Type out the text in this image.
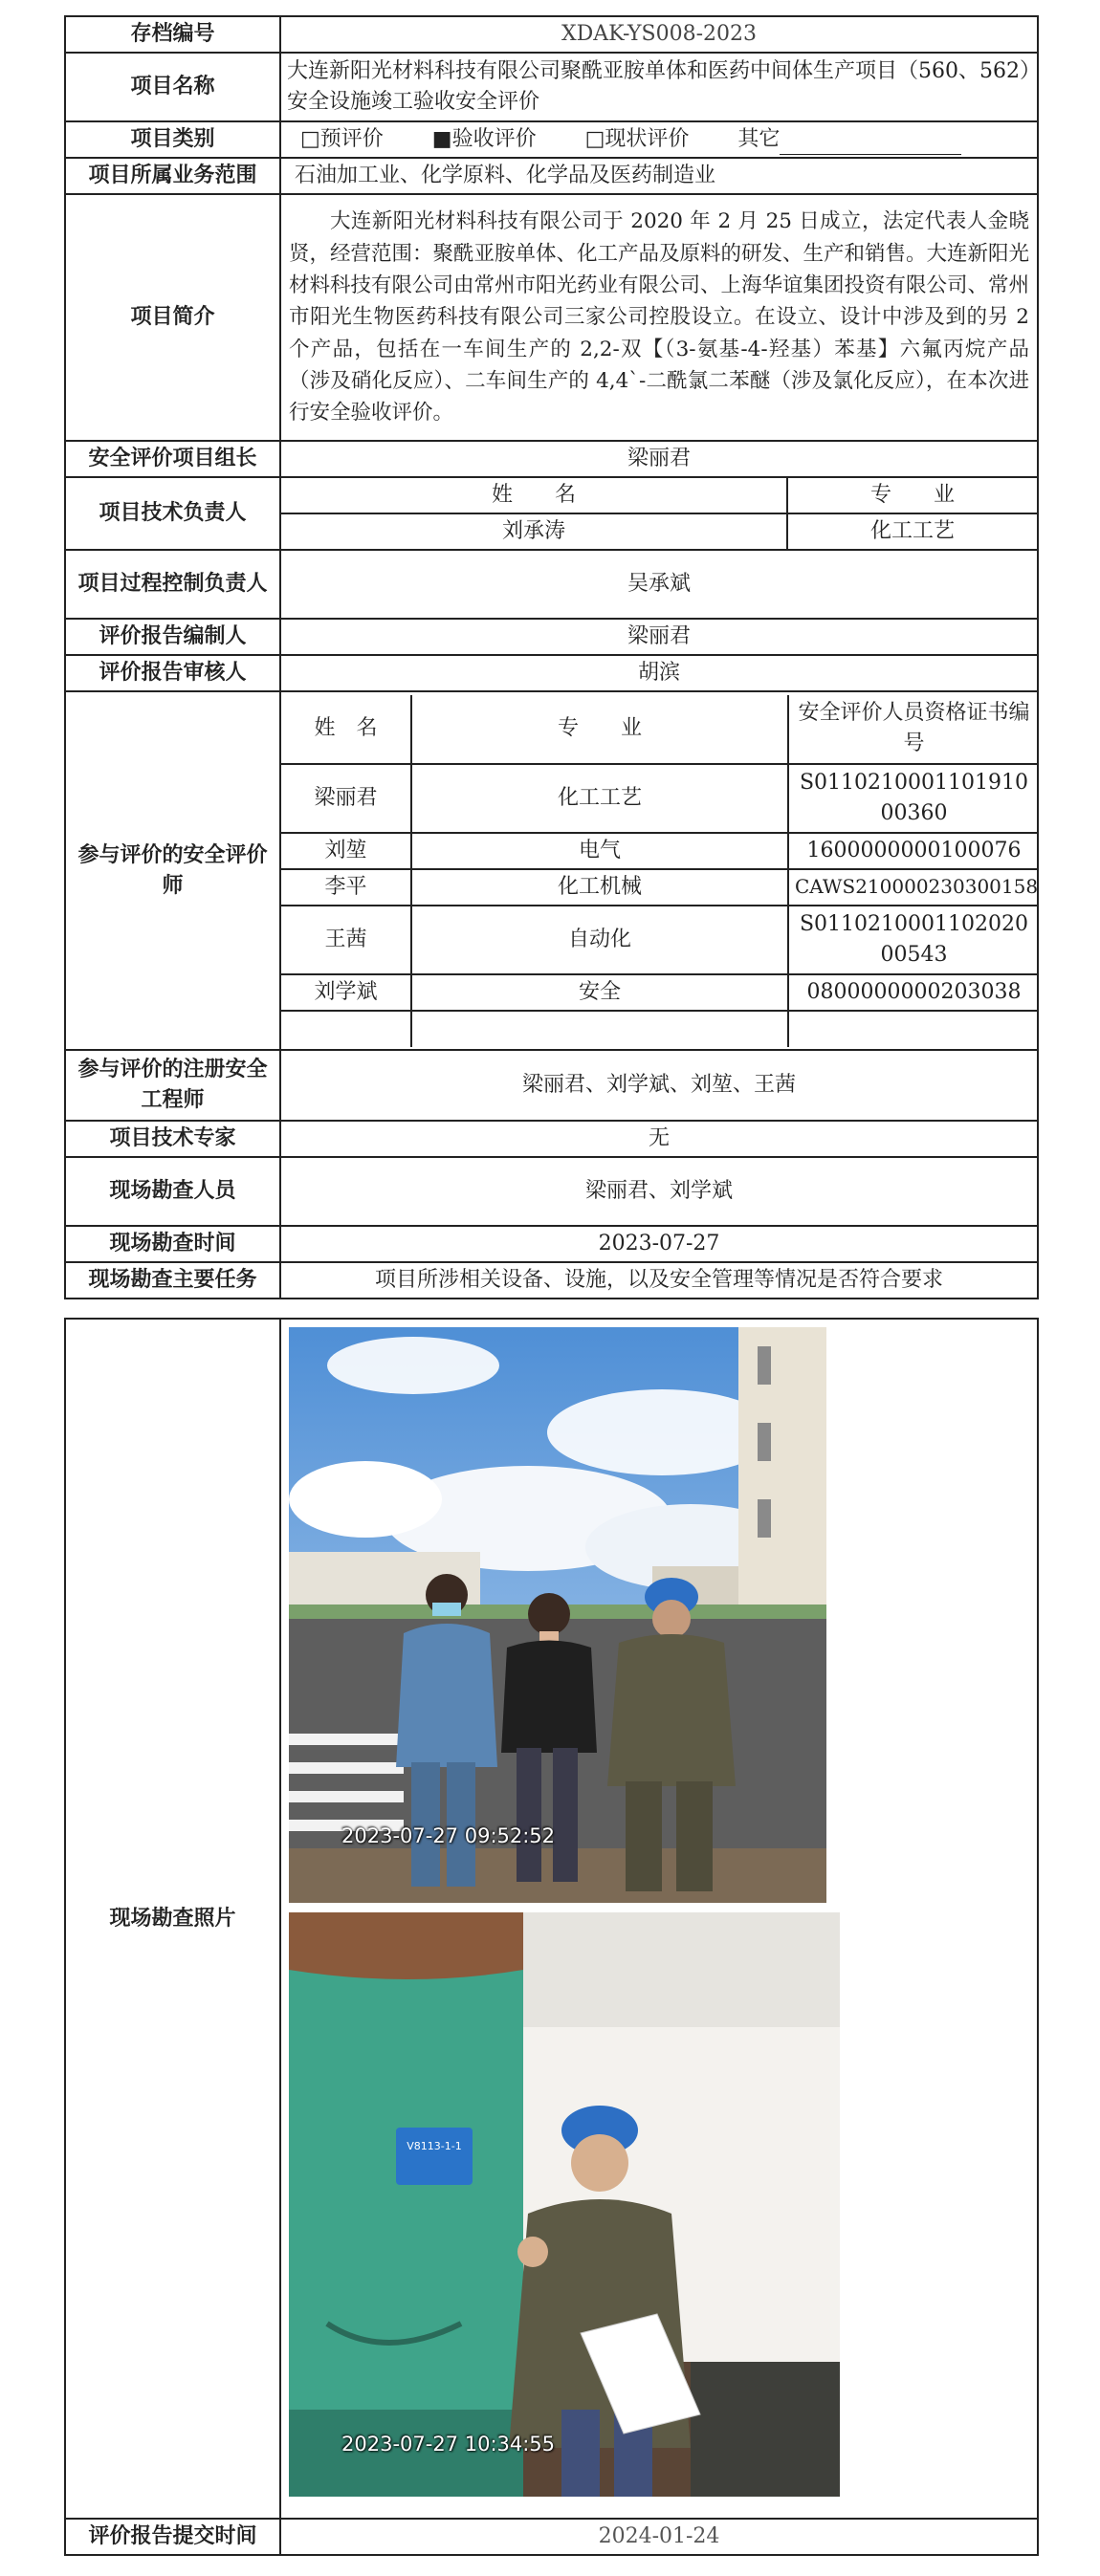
存档编号	XDAK-YS008-2023
项目名称	大连新阳光材料科技有限公司聚酰亚胺单体和医药中间体生产项目（560、562）安全设施竣工验收安全评价
项目类别	□预评价　　 ■验收评价　　 □现状评价　　 其它
项目所属业务范围	石油加工业、化学原料、化学品及医药制造业
项目简介	大连新阳光材料科技有限公司于 2020 年 2 月 25 日成立，法定代表人金晓贤，经营范围：聚酰亚胺单体、化工产品及原料的研发、生产和销售。大连新阳光材料科技有限公司由常州市阳光药业有限公司、上海华谊集团投资有限公司、常州市阳光生物医药科技有限公司三家公司控股设立。在设立、设计中涉及到的另 2 个产品，包括在一车间生产的 2,2-双【（3-氨基-4-羟基）苯基】六氟丙烷产品（涉及硝化反应）、二车间生产的 4,4`-二酰氯二苯醚（涉及氯化反应），在本次进行安全验收评价。
安全评价项目组长	梁丽君
项目技术负责人	姓　　名	专　　业
刘承涛	化工工艺
项目过程控制负责人	吴承斌
评价报告编制人	梁丽君
评价报告审核人	胡滨
参与评价的安全评价师	
姓　名	专　　业	安全评价人员资格证书编号
梁丽君	化工工艺	S011021000110191000360
刘堃	电气	1600000000100076
李平	化工机械	CAWS210000230300158
王茜	自动化	S011021000110202000543
刘学斌	安全	0800000000203038

参与评价的注册安全工程师	梁丽君、刘学斌、刘堃、王茜
项目技术专家	无
现场勘查人员	梁丽君、刘学斌
现场勘查时间	2023-07-27
现场勘查主要任务	项目所涉相关设备、设施，以及安全管理等情况是否符合要求
现场勘查照片	2023-07-27 09:52:52
V8113-1-1
2023-07-27 10:34:55

评价报告提交时间	2024-01-24
